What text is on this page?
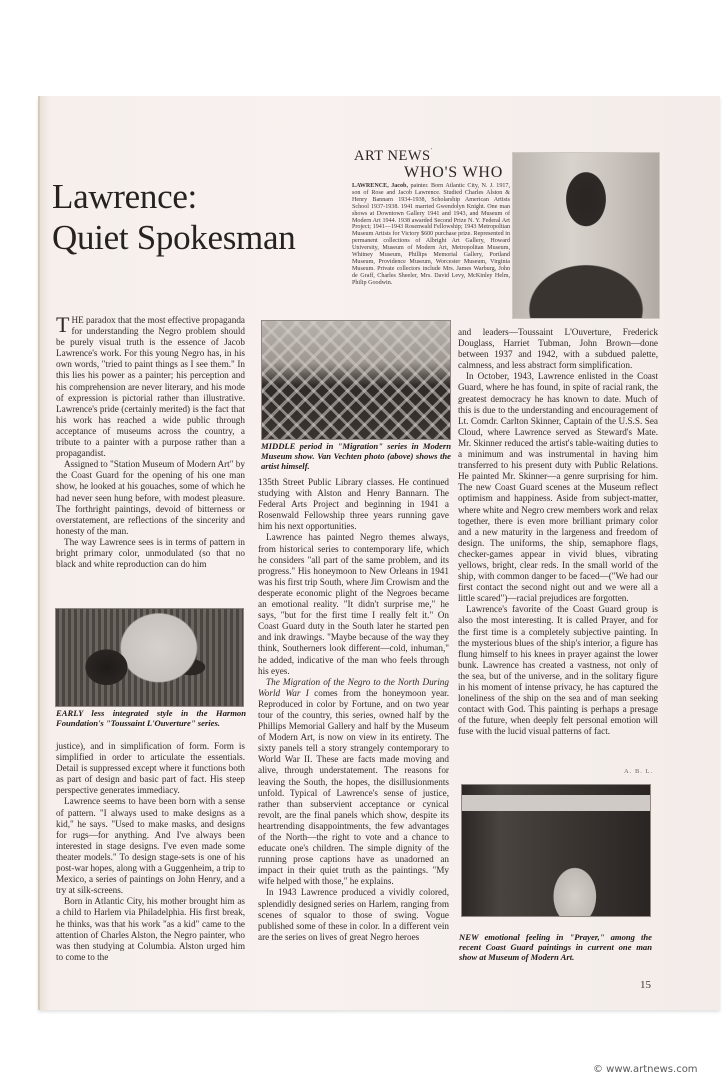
ART NEWS'
WHO'S WHO
Lawrence:
Quiet Spokesman
LAWRENCE, Jacob, painter. Born Atlantic City, N. J. 1917, son of Rose and Jacob Lawrence. Studied Charles Alston & Henry Bannarn 1934-1938, Scholarship American Artists School 1937-1938. 1941 married Gwendolyn Knight. One man shows at Downtown Gallery 1941 and 1943, and Museum of Modern Art 1944. 1938 awarded Second Prize N. Y. Federal Art Project; 1941—1943 Rosenwald Fellowship; 1943 Metropolitan Museum Artists for Victory $600 purchase prize. Represented in permanent collections of Albright Art Gallery, Howard University, Museum of Modern Art, Metropolitan Museum, Whitney Museum, Phillips Memorial Gallery, Portland Museum, Providence Museum, Worcester Museum, Virginia Museum. Private collectors include Mrs. James Warburg, John de Graff, Charles Sheeler, Mrs. David Levy, McKinley Helm, Philip Goodwin.

THE paradox that the most effective propaganda for understanding the Negro problem should be purely visual truth is the essence of Jacob Lawrence's work. For this young Negro has, in his own words, "tried to paint things as I see them." In this lies his power as a painter; his perception and his comprehension are never literary, and his mode of expression is pictorial rather than illustrative. Lawrence's pride (certainly merited) is the fact that his work has reached a wide public through acceptance of museums across the country, a tribute to a painter with a purpose rather than a propagandist.

Assigned to "Station Museum of Modern Art" by the Coast Guard for the opening of his one man show, he looked at his gouaches, some of which he had never seen hung before, with modest pleasure. The forthright paintings, devoid of bitterness or overstatement, are reflections of the sincerity and honesty of the man.

The way Lawrence sees is in terms of pattern in bright primary color, unmodulated (so that no black and white reproduction can do him

EARLY less integrated style in the Harmon Foundation's "Toussaint L'Ouverture" series.

justice), and in simplification of form. Form is simplified in order to articulate the essentials. Detail is suppressed except where it functions both as part of design and basic part of fact. His steep perspective generates immediacy.

Lawrence seems to have been born with a sense of pattern. "I always used to make designs as a kid," he says. "Used to make masks, and designs for rugs—for anything. And I've always been interested in stage designs. I've even made some theater models." To design stage-sets is one of his post-war hopes, along with a Guggenheim, a trip to Mexico, a series of paintings on John Henry, and a try at silk-screens.

Born in Atlantic City, his mother brought him as a child to Harlem via Philadelphia. His first break, he thinks, was that his work "as a kid" came to the attention of Charles Alston, the Negro painter, who was then studying at Columbia. Alston urged him to come to the

MIDDLE period in "Migration" series in Modern Museum show. Van Vechten photo (above) shows the artist himself.

135th Street Public Library classes. He continued studying with Alston and Henry Bannarn. The Federal Arts Project and beginning in 1941 a Rosenwald Fellowship three years running gave him his next opportunities.

Lawrence has painted Negro themes always, from historical series to contemporary life, which he considers "all part of the same problem, and its progress." His honeymoon to New Orleans in 1941 was his first trip South, where Jim Crowism and the desperate economic plight of the Negroes became an emotional reality. "It didn't surprise me," he says, "but for the first time I really felt it." On Coast Guard duty in the South later he started pen and ink drawings. "Maybe because of the way they think, Southerners look different—cold, inhuman," he added, indicative of the man who feels through his eyes.

The Migration of the Negro to the North During World War I comes from the honeymoon year. Reproduced in color by Fortune, and on two year tour of the country, this series, owned half by the Phillips Memorial Gallery and half by the Museum of Modern Art, is now on view in its entirety. The sixty panels tell a story strangely contemporary to World War II. These are facts made moving and alive, through understatement. The reasons for leaving the South, the hopes, the disillusionments unfold. Typical of Lawrence's sense of justice, rather than subservient acceptance or cynical revolt, are the final panels which show, despite its heartrending disappointments, the few advantages of the North—the right to vote and a chance to educate one's children. The simple dignity of the running prose captions have as unadorned an impact in their quiet truth as the paintings. "My wife helped with those," he explains.

In 1943 Lawrence produced a vividly colored, splendidly designed series on Harlem, ranging from scenes of squalor to those of swing. Vogue published some of these in color. In a different vein are the series on lives of great Negro heroes

and leaders—Toussaint L'Ouverture, Frederick Douglass, Harriet Tubman, John Brown—done between 1937 and 1942, with a subdued palette, calmness, and less abstract form simplification.

In October, 1943, Lawrence enlisted in the Coast Guard, where he has found, in spite of racial rank, the greatest democracy he has known to date. Much of this is due to the understanding and encouragement of Lt. Comdr. Carlton Skinner, Captain of the U.S.S. Sea Cloud, where Lawrence served as Steward's Mate. Mr. Skinner reduced the artist's table-waiting duties to a minimum and was instrumental in having him transferred to his present duty with Public Relations. He painted Mr. Skinner—a genre surprising for him. The new Coast Guard scenes at the Museum reflect optimism and happiness. Aside from subject-matter, where white and Negro crew members work and relax together, there is even more brilliant primary color and a new maturity in the largeness and freedom of design. The uniforms, the ship, semaphore flags, checker-games appear in vivid blues, vibrating yellows, bright, clear reds. In the small world of the ship, with common danger to be faced—("We had our first contact the second night out and we were all a little scared")—racial prejudices are forgotten.

Lawrence's favorite of the Coast Guard group is also the most interesting. It is called Prayer, and for the first time is a completely subjective painting. In the mysterious blues of the ship's interior, a figure has flung himself to his knees in prayer against the lower bunk. Lawrence has created a vastness, not only of the sea, but of the universe, and in the solitary figure in his moment of intense privacy, he has captured the loneliness of the ship on the sea and of man seeking contact with God. This painting is perhaps a presage of the future, when deeply felt personal emotion will fuse with the lucid visual patterns of fact.

A. B. L.
NEW emotional feeling in "Prayer," among the recent Coast Guard paintings in current one man show at Museum of Modern Art.
15
© www.artnews.com
